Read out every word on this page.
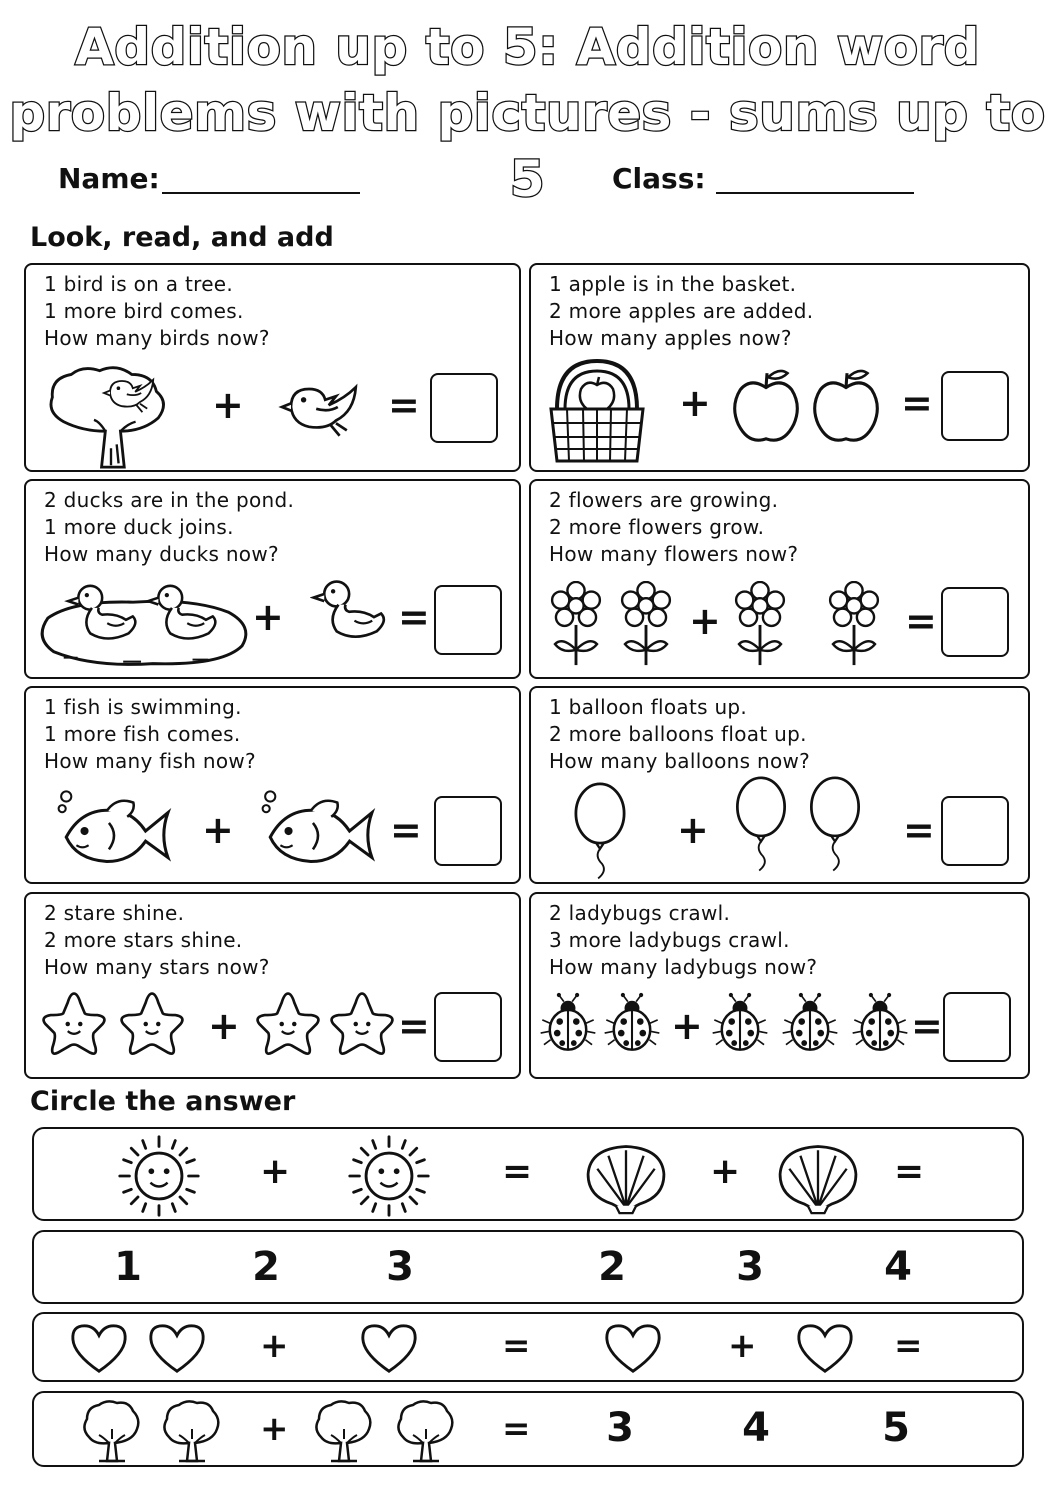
Addition up to 5: Addition word
problems with pictures - sums up to 5
Name:	Class:
Look, read, and add
1 bird is on a tree.
1 more bird comes.
How many birds now?
+	=
1 apple is in the basket.
2 more apples are added.
How many apples now?
+	=
2 ducks are in the pond.
1 more duck joins.
How many ducks now?
+	=
2 flowers are growing.
2 more flowers grow.
How many flowers now?
+	=
1 fish is swimming.
1 more fish comes.
How many fish now?
+	=
1 balloon floats up.
2 more balloons float up.
How many balloons now?
+	=
2 stare shine.
2 more stars shine.
How many stars now?
+	=
2 ladybugs crawl.
3 more ladybugs crawl.
How many ladybugs now?
+	=
Circle the answer
+	=	+	=
1	2	3	2	3	4
+	=	+	=
+	= 3	4	5
